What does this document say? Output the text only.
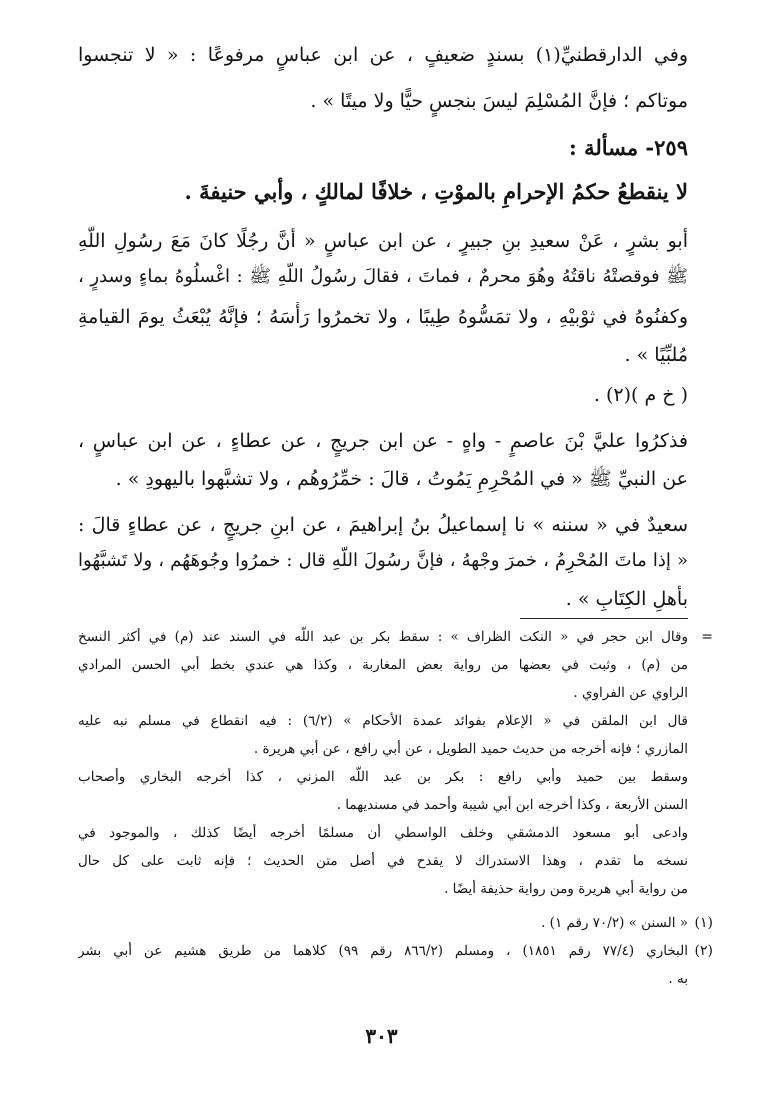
وفي الدارقطنيِّ(١) بسندٍ ضعيفٍ ، عن ابن عباسٍ مرفوعًا : « لا تنجسوا
موتاكم ؛ فإنَّ المُسْلِمَ ليسَ بنجسٍ حيًّا ولا ميتًا » .
٢٥٩- مسألة :
لا ينقطعُ حكمُ الإحرامِ بالموْتِ ، خلافًا لمالكٍ ، وأبي حنيفةَ .
أبو بشرٍ ، عَنْ سعيدِ بنِ جبيرٍ ، عن ابن عباسٍ « أنَّ رجُلًا كانَ مَعَ رسُولِ اللَّهِ
ﷺ فوقصتْهُ ناقتُهُ وهُوَ محرمٌ ، فماتَ ، فقالَ رسُولُ اللَّهِ ﷺ : اغْسلُوهُ بماءٍ وسدرٍ ،
وكفنُوهُ في ثوْبيْهِ ، ولا تمَسُّوهُ طِيبًا ، ولا تخمرُوا رَأْسَهُ ؛ فإنَّهُ يُبْعَثُ يومَ القيامةِ
مُلبِّيًا » .
( خ م )(٢) .
فذكرُوا عليَّ بْنَ عاصمٍ - واهٍ - عن ابن جريجٍ ، عن عطاءٍ ، عن ابن عباسٍ ،
عن النبيِّ ﷺ « في المُحْرِمِ يَمُوتُ ، قالَ : خمِّرُوهُم ، ولا تشبَّهوا باليهودِ » .
سعيدٌ في « سننه » نا إسماعيلُ بنُ إبراهيمَ ، عن ابنِ جريجٍ ، عن عطاءٍ قالَ :
« إذا ماتَ المُحْرِمُ ، خمرَ وجْههُ ، فإنَّ رسُولَ اللَّهِ قال : خمرُوا وجُوهَهُم ، ولا تَشبَّهُوا
بأهلِ الكِتَابِ » .
=
وقال ابن حجر في « النكت الظراف » : سقط بكر بن عبد اللَّه في السند عند (م) في أكثر النسخ
من (م) ، وثبت في بعضها من رواية بعض المغاربة ، وكذا هي عندي بخط أبي الحسن المرادي
الراوي عن الفراوي .
قال ابن الملقن في « الإعلام بفوائد عمدة الأحكام » (٦/٢) : فيه انقطاع في مسلم نبه عليه
المازري ؛ فإنه أخرجه من حديث حميد الطويل ، عن أبي رافع ، عن أبي هريرة .
وسقط بين حميد وأبي رافع : بكر بن عبد اللَّه المزني ، كذا أخرجه البخاري وأصحاب
السنن الأربعة ، وكذا أخرجه ابن أبي شيبة وأحمد في مسنديهما .
وادعى أبو مسعود الدمشقي وخلف الواسطي أن مسلمًا أخرجه أيضًا كذلك ، والموجود في
نسخه ما تقدم ، وهذا الاستدراك لا يقدح في أصل متن الحديث ؛ فإنه ثابت على كل حال
من رواية أبي هريرة ومن رواية حذيفة أيضًا .
(١)
« السنن » (٧٠/٢ رقم ١) .
(٢)
البخاري (٧٧/٤ رقم ١٨٥١) ، ومسلم (٨٦٦/٢ رقم ٩٩) كلاهما من طريق هشيم عن أبي بشر
به .
٣٠٣
